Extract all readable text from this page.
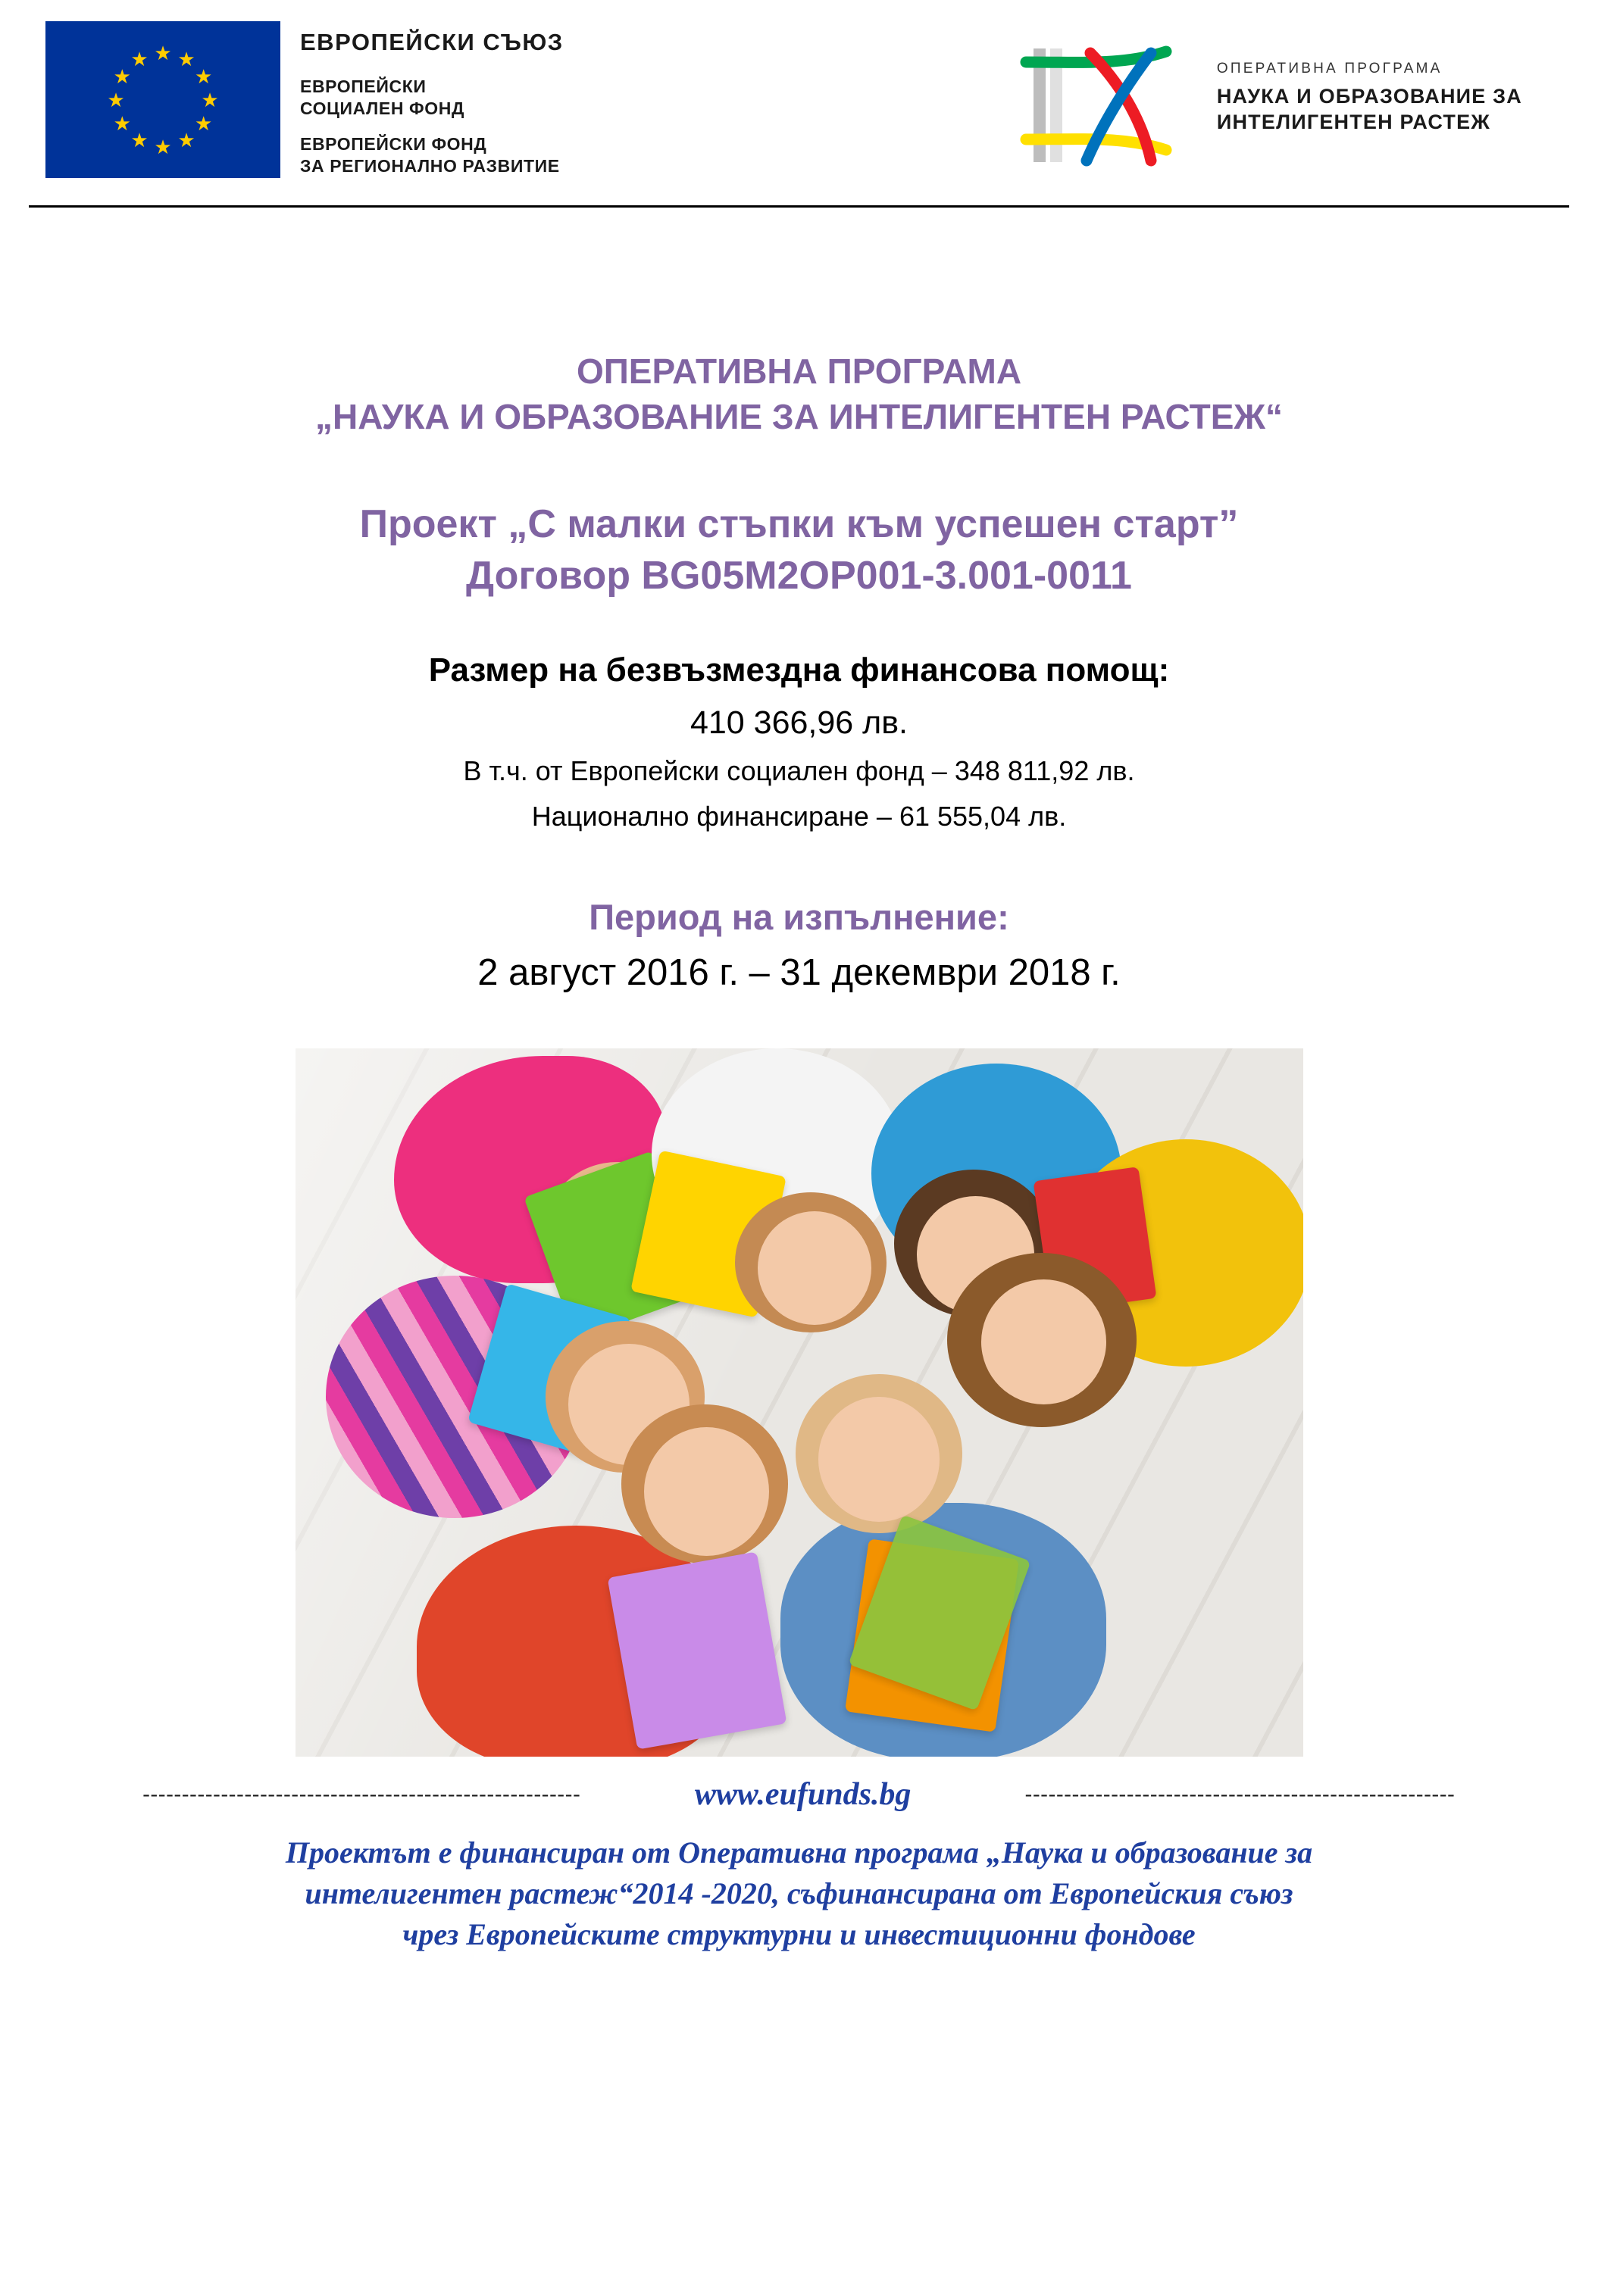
★ ★
★
★
★
★
★
★
★
★
★
★
ЕВРОПЕЙСКИ СЪЮЗ
ЕВРОПЕЙСКИ
СОЦИАЛЕН ФОНД
ЕВРОПЕЙСКИ ФОНД
ЗА РЕГИОНАЛНО РАЗВИТИЕ
ОПЕРАТИВНА ПРОГРАМА
НАУКА И ОБРАЗОВАНИЕ ЗА
ИНТЕЛИГЕНТЕН РАСТЕЖ
ОПЕРАТИВНА ПРОГРАМА
„НАУКА И ОБРАЗОВАНИЕ ЗА ИНТЕЛИГЕНТЕН РАСТЕЖ“
Проект „С малки стъпки към успешен старт”
Договор BG05M2OP001-3.001-0011
Размер на безвъзмездна финансова помощ:
410 366,96 лв.
В т.ч. от Европейски социален фонд – 348 811,92 лв.
Национално финансиране – 61 555,04 лв.
Период на изпълнение:
2 август 2016 г. – 31 декември 2018 г.
--------------------------------------------------------	www.eufunds.bg	-------------------------------------------------------
Проектът е финансиран от Оперативна програма „Наука и образование за
интелигентен растеж“2014 -2020, съфинансирана от Европейския съюз
чрез Европейските структурни и инвестиционни фондове
